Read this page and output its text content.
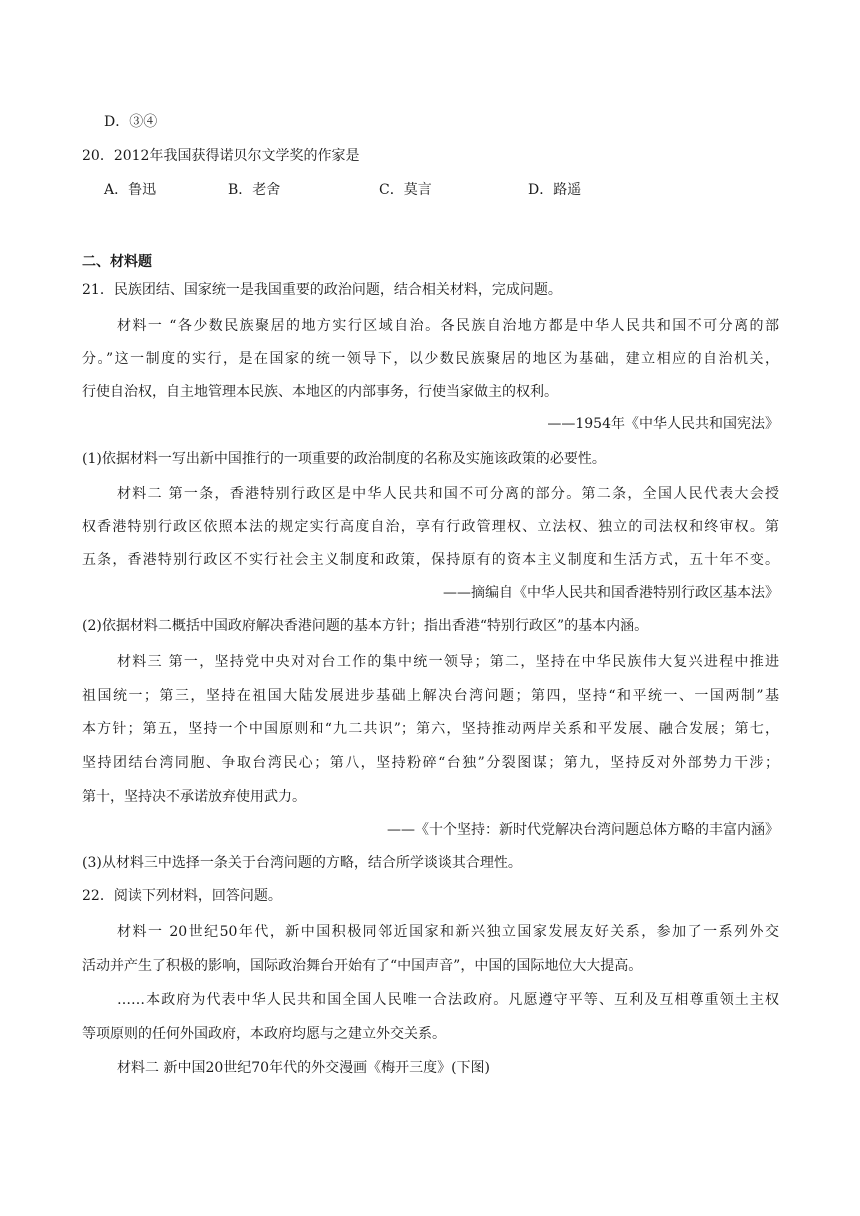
D．③④
20．2012年我国获得诺贝尔文学奖的作家是
A．鲁迅	B．老舍	C．莫言	D．路遥
二、材料题
21．民族团结、国家统一是我国重要的政治问题，结合相关材料，完成问题。
材料一 “各少数民族聚居的地方实行区域自治。各民族自治地方都是中华人民共和国不可分离的部
分。”这一制度的实行，是在国家的统一领导下，以少数民族聚居的地区为基础，建立相应的自治机关，
行使自治权，自主地管理本民族、本地区的内部事务，行使当家做主的权利。
——1954年《中华人民共和国宪法》
(1)依据材料一写出新中国推行的一项重要的政治制度的名称及实施该政策的必要性。
材料二 第一条，香港特别行政区是中华人民共和国不可分离的部分。第二条，全国人民代表大会授
权香港特别行政区依照本法的规定实行高度自治，享有行政管理权、立法权、独立的司法权和终审权。第
五条，香港特别行政区不实行社会主义制度和政策，保持原有的资本主义制度和生活方式，五十年不变。
——摘编自《中华人民共和国香港特别行政区基本法》
(2)依据材料二概括中国政府解决香港问题的基本方针；指出香港“特别行政区”的基本内涵。
材料三 第一，坚持党中央对对台工作的集中统一领导；第二，坚持在中华民族伟大复兴进程中推进
祖国统一；第三，坚持在祖国大陆发展进步基础上解决台湾问题；第四，坚持“和平统一、一国两制”基
本方针；第五，坚持一个中国原则和“九二共识”；第六，坚持推动两岸关系和平发展、融合发展；第七，
坚持团结台湾同胞、争取台湾民心；第八，坚持粉碎“台独”分裂图谋；第九，坚持反对外部势力干涉；
第十，坚持决不承诺放弃使用武力。
——《十个坚持：新时代党解决台湾问题总体方略的丰富内涵》
(3)从材料三中选择一条关于台湾问题的方略，结合所学谈谈其合理性。
22．阅读下列材料，回答问题。
材料一 20世纪50年代，新中国积极同邻近国家和新兴独立国家发展友好关系，参加了一系列外交
活动并产生了积极的影响，国际政治舞台开始有了“中国声音”，中国的国际地位大大提高。
……本政府为代表中华人民共和国全国人民唯一合法政府。凡愿遵守平等、互利及互相尊重领土主权
等项原则的任何外国政府，本政府均愿与之建立外交关系。
材料二 新中国20世纪70年代的外交漫画《梅开三度》(下图)
